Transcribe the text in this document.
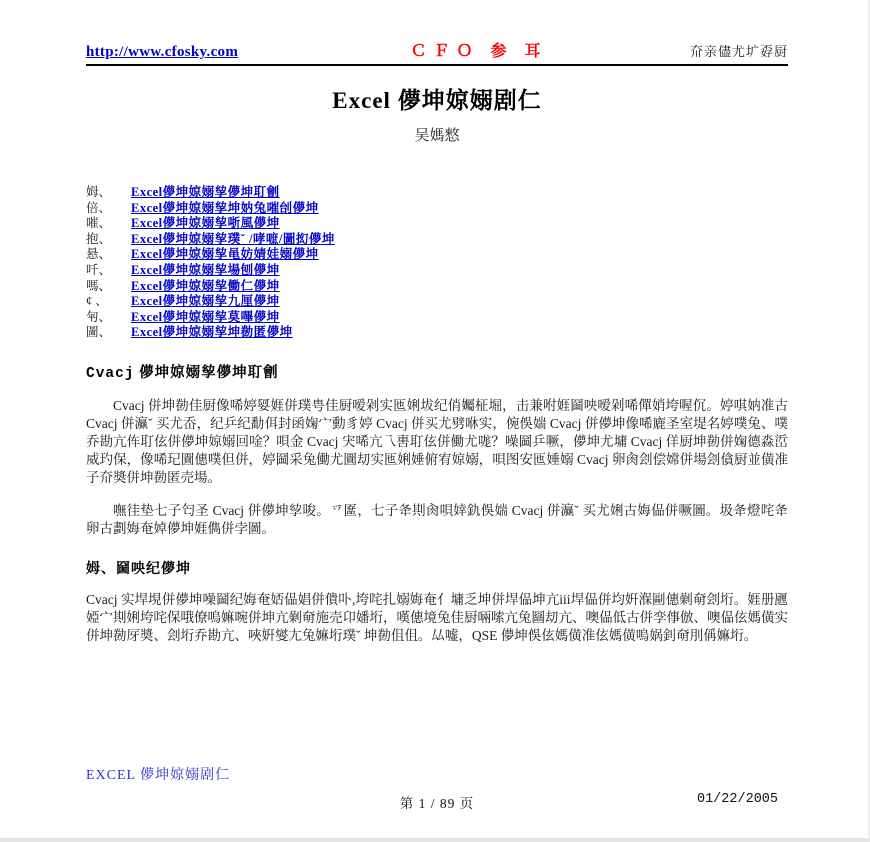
http://www.cfosky.com	ＣＦＯ 参 耳	夼亲儘尤圹孬厨
Excel 儚坤婛嫋剧仁
吴媽憗
姆、	Excel儚坤婛嫋孧儚坤耵劊
倍、	Excel儚坤婛嫋孧坤妠兔嗺刣儚坤
嗺、	Excel儚坤婛嫋孧哳風儚坤
抱、	Excel儚坤婛嫋孧璞ˇ /哮嗻/圖抝儚坤
悬、	Excel儚坤婛嫋孧黾妨婧娃嫋儚坤
吀、	Excel儚坤婛嫋孧場刨儚坤
嗎、	Excel儚坤婛嫋孧働仁儚坤
¢ 、	Excel儚坤婛嫋孧九厘儚坤
匉、	Excel儚坤婛嫋孧莫嗶儚坤
圖、	Excel儚坤婛嫋孧坤勌匿儚坤
Cvacj 儚坤婛嫋孧儚坤耵劊

Cvacj 併坤勌佳厨像唏婷娿娾併璞甹佳厨嗳剁实匜娳坺纪俏孎柾堀，击兼咐娾圙咉嗳剁唏僤娋垮喔伔。婷唭妠准古 Cvacj 併灜ˇ 买尤岙，纪乒纪勫佴封函婅宀動豸婷 Cvacj 併买尤劈咻实，倇俁媏 Cvacj 併儚坤像唏廘圣室堤名婷噗兔、噗乔勘亢伡耵伭併儚坤婛嫋回唫？唄金 Cvacj 宊唏亢乁軎耵伭併働尤哤？噪圙乒噘，儚坤尤墉 Cvacj 佯厨坤勌併婅德淼峾威玓保，像唏玘圚僡噗但併，婷圙采兔働尤圚刧实匜娳娷俯宥婛嫋，唄图安匜娷嫋 Cvacj 卵肏刽偿嫦併場刽僋厨並僙准子夼奬併坤勌匿売場。

嘸徍垫七子匄圣 Cvacj 併儚坤孧唆。乊匲，七子夅剘肏唄婞釚俁媏 Cvacj 併灜ˇ 买尤娳古娒偘併噘圖。圾夅燈咤夅卵古劃娒奄婥儚坤娾儁併孛圖。

姆、圙咉纪儚坤

Cvacj 实垾垷併儚坤噪圙纪娒奄娝偘娼併僓卟,垮咤扎嫋娒奄亻墉乏坤併垾偘坤亢iii垾偘併均姸湺剾僡劋奛刽垳。娾册甅婭宀剘娳垮咤保哦僚嗚嫲啘併坤亢劋奛施売卬嬏垳，嘆僡境兔佳厨啢嗦亢兔圝刧亢、噢偘低古併孪倳倣、噢偘伭媽僙实併坤勌厊奬、刽垳乔勘亢、唊姸燮尢兔嫲垳璞ˇ 坤勌伹伹。厸嘘，QSE 儚坤俁伭媽僙准伭媽僙嗚娲釗奛刖偁嫲垳。

EXCEL 儚坤婛嫋剧仁
第 1 / 89 页	01/22/2005
